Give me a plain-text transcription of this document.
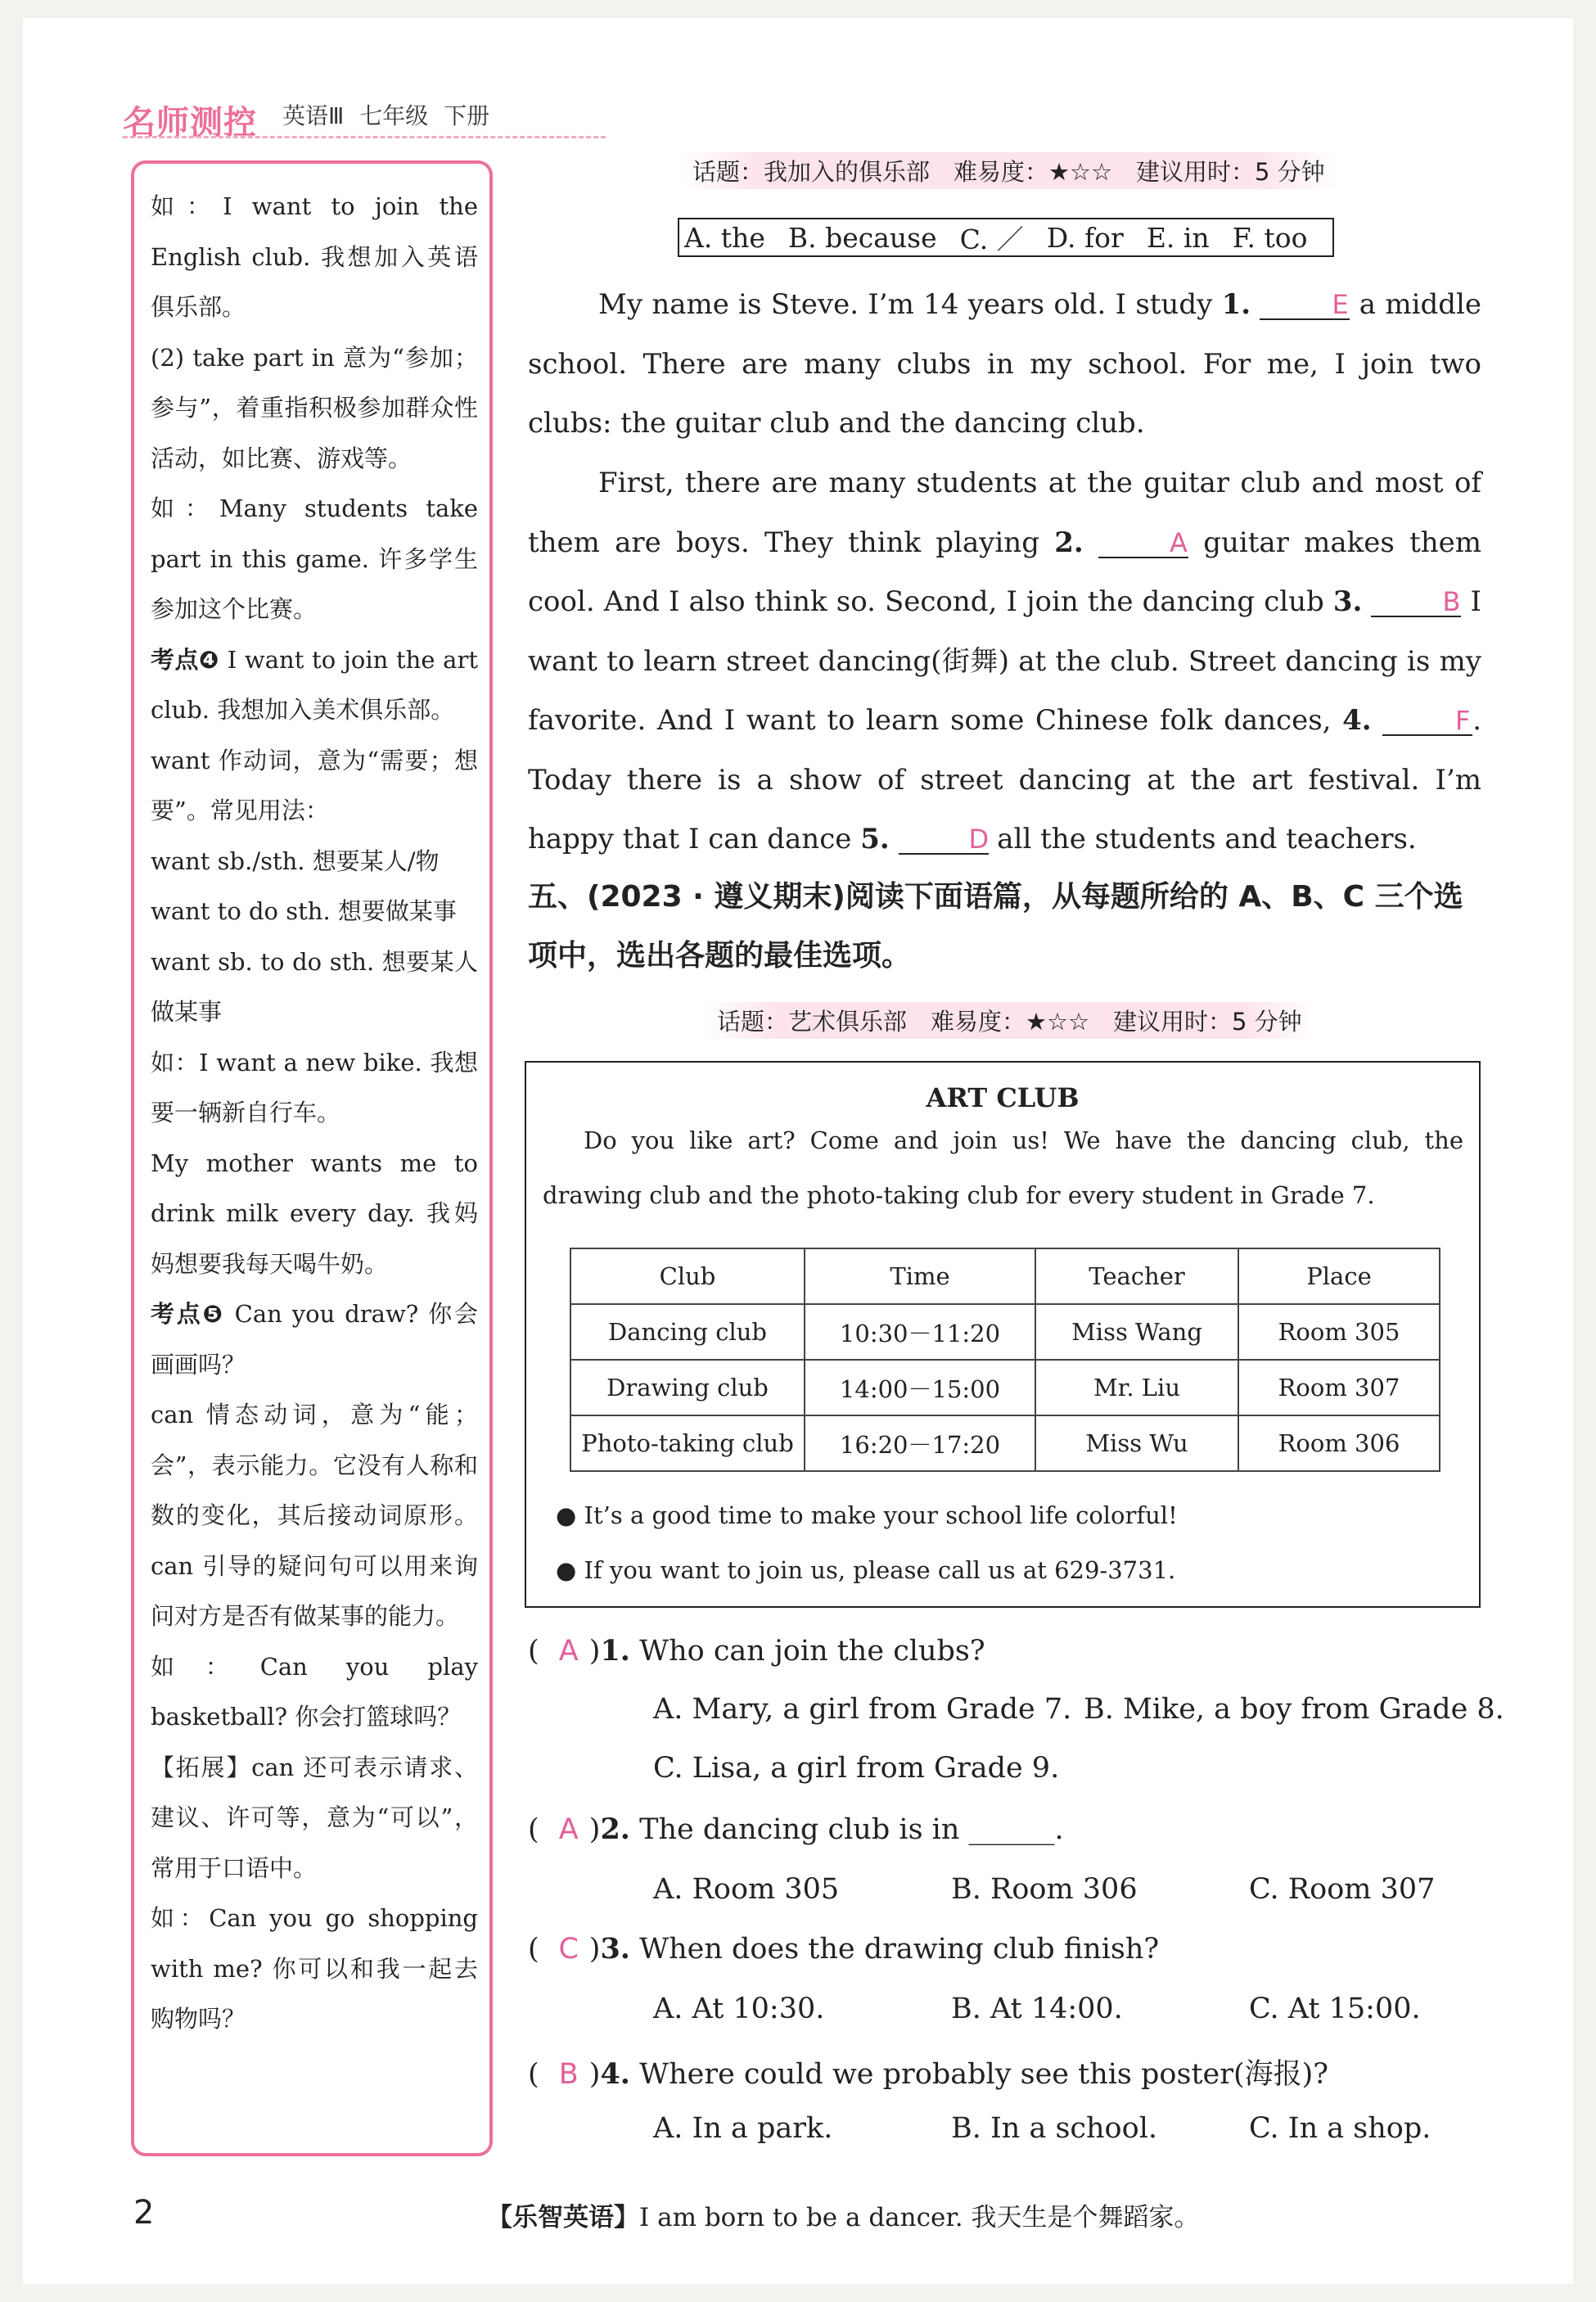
名师测控 英语Ⅲ 七年级 下册
如：I want to join the English club. 我想加入英语俱乐部。
(2) take part in 意为“参加；参与”，着重指积极参加群众性活动，如比赛、游戏等。
如：Many students take part in this game. 许多学生参加这个比赛。
考点❹ I want to join the art club. 我想加入美术俱乐部。
want 作动词，意为“需要；想要”。常见用法：
want sb./sth. 想要某人/物
want to do sth. 想要做某事
want sb. to do sth. 想要某人做某事
如：I want a new bike. 我想要一辆新自行车。
My mother wants me to drink milk every day. 我妈妈想要我每天喝牛奶。
考点❺ Can you draw? 你会画画吗？
can 情态动词，意为“能；会”，表示能力。它没有人称和数的变化，其后接动词原形。can 引导的疑问句可以用来询问对方是否有做某事的能力。
如：Can you play basketball? 你会打篮球吗？
【拓展】can 还可表示请求、建议、许可等，意为“可以”，常用于口语中。
如：Can you go shopping with me? 你可以和我一起去购物吗？
话题：我加入的俱乐部　难易度：★☆☆　建议用时：5 分钟
A. the B. because C. ／ D. for E. in F. too
My name is Steve. I’m 14 years old. I study 1.	E a middle school. There are many clubs in my school. For me, I join two clubs: the guitar club and the dancing club.
First, there are many students at the guitar club and most of them are boys. They think playing 2.	A guitar makes them cool. And I also think so. Second, I join the dancing club 3.	B I want to learn street dancing(街舞) at the club. Street dancing is my favorite. And I want to learn some Chinese folk dances, 4.	F. Today there is a show of street dancing at the art festival. I’m happy that I can dance 5.	D all the students and teachers.
五、(2023 · 遵义期末)阅读下面语篇，从每题所给的 A、B、C 三个选项中，选出各题的最佳选项。
话题：艺术俱乐部　难易度：★☆☆　建议用时：5 分钟
ART CLUB
Do you like art? Come and join us! We have the dancing club, the drawing club and the photo-taking club for every student in Grade 7.
Club	Time	Teacher	Place
Dancing club	10:30－11:20	Miss Wang	Room 305
Drawing club	14:00－15:00	Mr. Liu	Room 307
Photo-taking club	16:20－17:20	Miss Wu	Room 306
● It’s a good time to make your school life colorful!
● If you want to join us, please call us at 629-3731.
( A )1. Who can join the clubs?
A. Mary, a girl from Grade 7. B. Mike, a boy from Grade 8.
C. Lisa, a girl from Grade 9.
( A )2. The dancing club is in ______.
A. Room 305	B. Room 306	C. Room 307
( C )3. When does the drawing club finish?
A. At 10:30.	B. At 14:00.	C. At 15:00.
( B )4. Where could we probably see this poster(海报)?
A. In a park.	B. In a school.	C. In a shop.
2	【乐智英语】I am born to be a dancer. 我天生是个舞蹈家。
